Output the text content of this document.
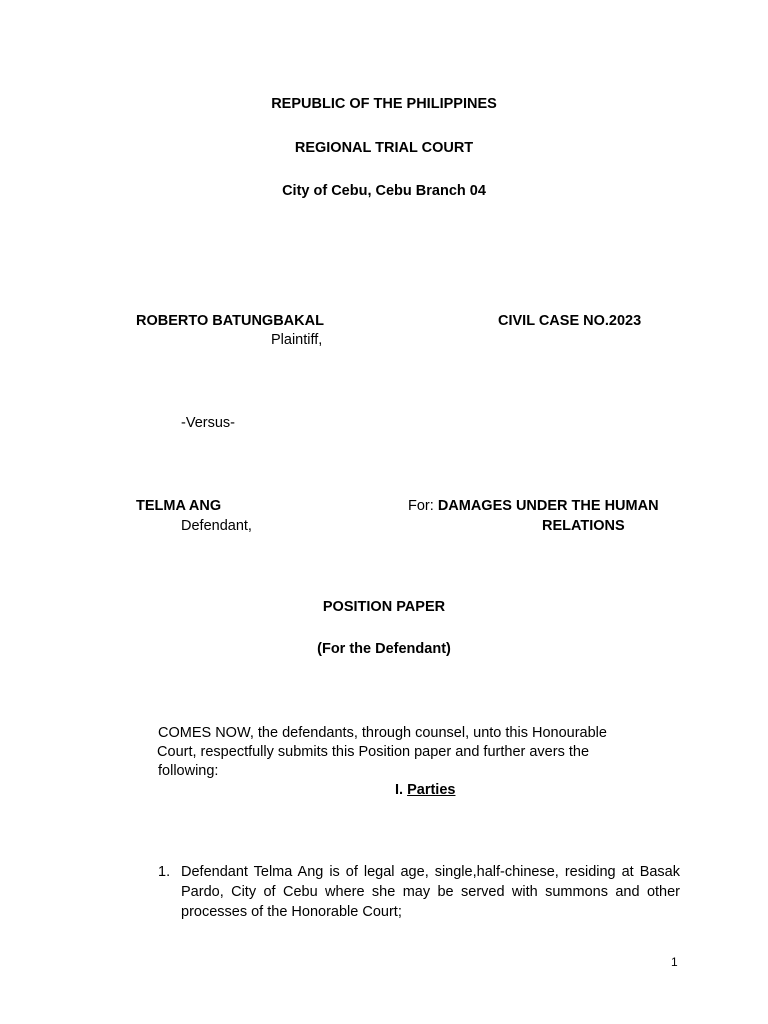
REPUBLIC OF THE PHILIPPINES
REGIONAL TRIAL COURT
City of Cebu, Cebu Branch 04
ROBERTO BATUNGBAKAL
Plaintiff,
CIVIL CASE NO.2023
-Versus-
TELMA ANG
Defendant,
For: DAMAGES UNDER THE HUMAN
RELATIONS
POSITION PAPER
(For the Defendant)
COMES NOW, the defendants, through counsel, unto this Honourable
Court, respectfully submits this Position paper and further avers the
following:
I. Parties
1. Defendant Telma Ang is of legal age, single,half-chinese, residing at Basak Pardo, City of Cebu where she may be served with summons and other processes of the Honorable Court;
1
